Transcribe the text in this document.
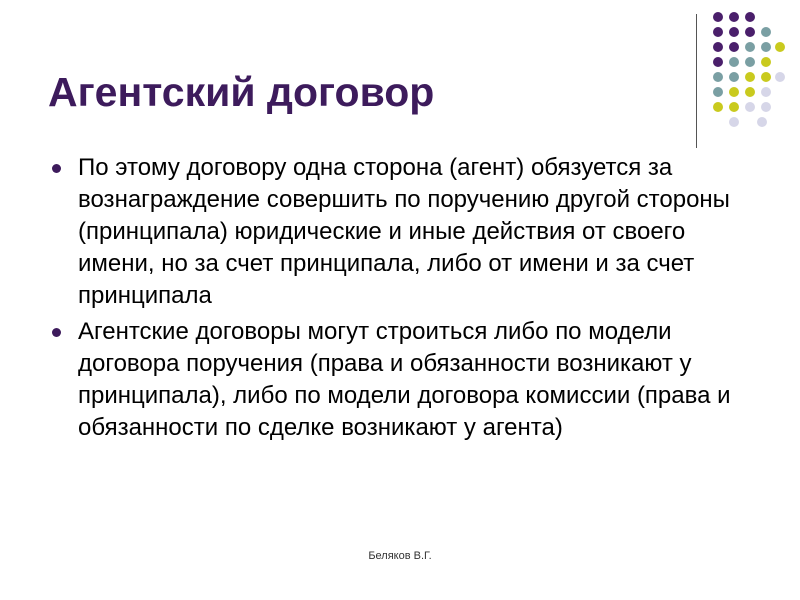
Агентский договор
По этому договору одна сторона (агент) обязуется за вознаграждение совершить по поручению другой стороны (принципала) юридические и иные действия от своего имени, но за счет принципала, либо от имени и за счет принципала
Агентские договоры могут строиться либо по модели договора поручения (права и обязанности возникают у принципала), либо по модели договора комиссии (права и обязанности по сделке возникают у агента)
Беляков В.Г.
